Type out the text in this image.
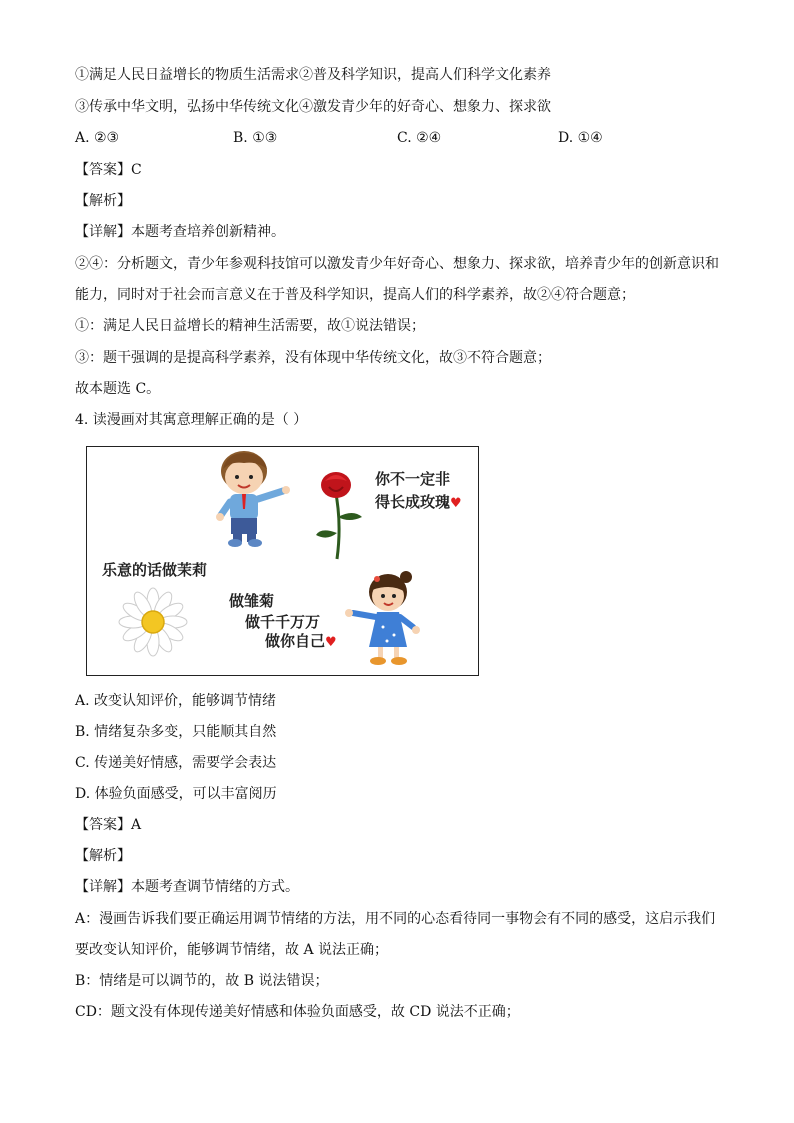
①满足人民日益增长的物质生活需求②普及科学知识，提高人们科学文化素养
③传承中华文明，弘扬中华传统文化④激发青少年的好奇心、想象力、探求欲
A. ②③	B. ①③	C. ②④	D. ①④
【答案】C
【解析】
【详解】本题考查培养创新精神。
②④：分析题文，青少年参观科技馆可以激发青少年好奇心、想象力、探求欲，培养青少年的创新意识和
能力，同时对于社会而言意义在于普及科学知识，提高人们的科学素养，故②④符合题意；
①：满足人民日益增长的精神生活需要，故①说法错误；
③：题干强调的是提高科学素养，没有体现中华传统文化，故③不符合题意；
故本题选 C。
4. 读漫画对其寓意理解正确的是（ ）
你不一定非
得长成玫瑰♥
乐意的话做茉莉
做雏菊
做千千万万
做你自己♥
A. 改变认知评价，能够调节情绪
B. 情绪复杂多变，只能顺其自然
C. 传递美好情感，需要学会表达
D. 体验负面感受，可以丰富阅历
【答案】A
【解析】
【详解】本题考查调节情绪的方式。
A：漫画告诉我们要正确运用调节情绪的方法，用不同的心态看待同一事物会有不同的感受，这启示我们
要改变认知评价，能够调节情绪，故 A 说法正确；
B：情绪是可以调节的，故 B 说法错误；
CD：题文没有体现传递美好情感和体验负面感受，故 CD 说法不正确；
